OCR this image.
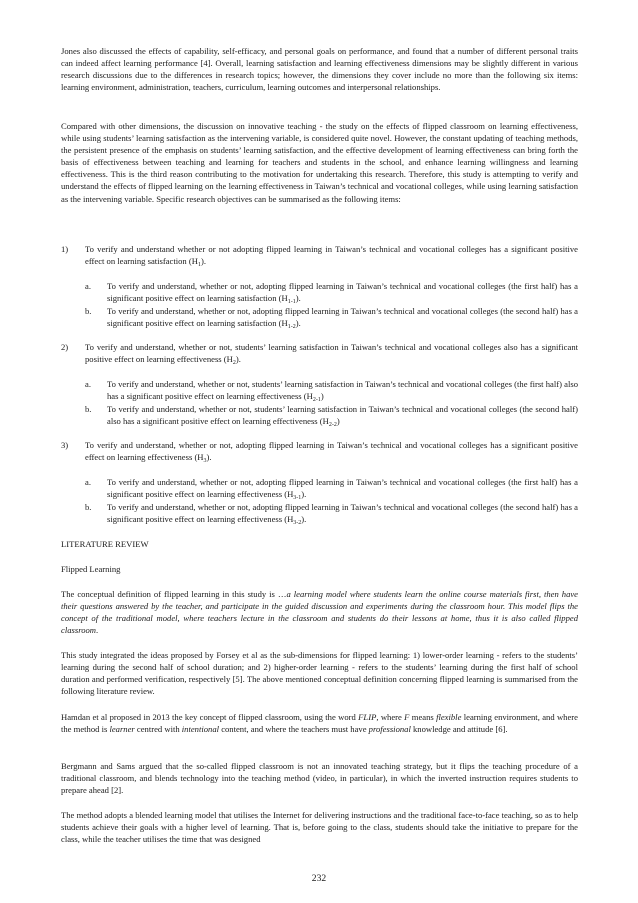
Jones also discussed the effects of capability, self-efficacy, and personal goals on performance, and found that a number of different personal traits can indeed affect learning performance [4]. Overall, learning satisfaction and learning effectiveness dimensions may be slightly different in various research discussions due to the differences in research topics; however, the dimensions they cover include no more than the following six items: learning environment, administration, teachers, curriculum, learning outcomes and interpersonal relationships.

Compared with other dimensions, the discussion on innovative teaching - the study on the effects of flipped classroom on learning effectiveness, while using students’ learning satisfaction as the intervening variable, is considered quite novel. However, the constant updating of teaching methods, the persistent presence of the emphasis on students’ learning satisfaction, and the effective development of learning effectiveness can bring forth the basis of effectiveness between teaching and learning for teachers and students in the school, and enhance learning willingness and learning effectiveness. This is the third reason contributing to the motivation for undertaking this research. Therefore, this study is attempting to verify and understand the effects of flipped learning on the learning effectiveness in Taiwan’s technical and vocational colleges, while using learning satisfaction as the intervening variable. Specific research objectives can be summarised as the following items:

1)	To verify and understand whether or not adopting flipped learning in Taiwan’s technical and vocational colleges has a significant positive effect on learning satisfaction $(H_1)$.
a.	To verify and understand, whether or not, adopting flipped learning in Taiwan’s technical and vocational colleges (the first half) has a significant positive effect on learning satisfaction $(H_{1-1})$.
b.	To verify and understand, whether or not, adopting flipped learning in Taiwan’s technical and vocational colleges (the second half) has a significant positive effect on learning satisfaction $(H_{1-2})$.
2)	To verify and understand, whether or not, students’ learning satisfaction in Taiwan’s technical and vocational colleges also has a significant positive effect on learning effectiveness $(H_2)$.
a.	To verify and understand, whether or not, students’ learning satisfaction in Taiwan’s technical and vocational colleges (the first half) also has a significant positive effect on learning effectiveness $(H_{2-1})$
b.	To verify and understand, whether or not, students’ learning satisfaction in Taiwan’s technical and vocational colleges (the second half) also has a significant positive effect on learning effectiveness $(H_{2-2})$
3)	To verify and understand, whether or not, adopting flipped learning in Taiwan’s technical and vocational colleges has a significant positive effect on learning effectiveness $(H_3)$.
a.	To verify and understand, whether or not, adopting flipped learning in Taiwan’s technical and vocational colleges (the first half) has a significant positive effect on learning effectiveness $(H_{3-1})$.
b.	To verify and understand, whether or not, adopting flipped learning in Taiwan’s technical and vocational colleges (the second half) has a significant positive effect on learning effectiveness $(H_{3-2})$.

LITERATURE REVIEW

Flipped Learning

The conceptual definition of flipped learning in this study is …a learning model where students learn the online course materials first, then have their questions answered by the teacher, and participate in the guided discussion and experiments during the classroom hour. This model flips the concept of the traditional model, where teachers lecture in the classroom and students do their lessons at home, thus it is also called flipped classroom.

This study integrated the ideas proposed by Forsey et al as the sub-dimensions for flipped learning: 1) lower-order learning - refers to the students’ learning during the second half of school duration; and 2) higher-order learning - refers to the students’ learning during the first half of school duration and performed verification, respectively [5]. The above mentioned conceptual definition concerning flipped learning is summarised from the following literature review.

Hamdan et al proposed in 2013 the key concept of flipped classroom, using the word FLIP, where F means flexible learning environment, and where the method is learner centred with intentional content, and where the teachers must have professional knowledge and attitude [6].

Bergmann and Sams argued that the so-called flipped classroom is not an innovated teaching strategy, but it flips the teaching procedure of a traditional classroom, and blends technology into the teaching method (video, in particular), in which the inverted instruction requires students to prepare ahead [2].

The method adopts a blended learning model that utilises the Internet for delivering instructions and the traditional face-to-face teaching, so as to help students achieve their goals with a higher level of learning. That is, before going to the class, students should take the initiative to prepare for the class, while the teacher utilises the time that was designed

232
